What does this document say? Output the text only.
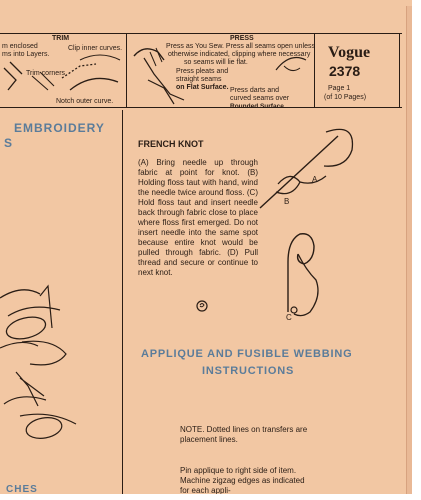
TRIM
m enclosed
ms into Layers.
Clip inner curves.
Trim corners
Notch outer curve.
PRESS
Press as You Sew. Press all seams open unless
otherwise indicated, clipping where necessary
so seams will lie flat.
Press pleats and
straight seams
on Flat Surface. Press darts and
curved seams over
Rounded Surface.
Vogue
2378
Page 1
(of 10 Pages)
EMBROIDERY
S
CHES
FRENCH KNOT
(A) Bring needle up through fabric at point for knot. (B) Holding floss taut with hand, wind the needle twice around floss. (C) Hold floss taut and insert needle back through fabric close to place where floss first emerged. Do not insert needle into the same spot because entire knot would be pulled through fabric. (D) Pull thread and secure or continue to next knot.
A
B
C
APPLIQUE AND FUSIBLE WEBBING
INSTRUCTIONS
NOTE. Dotted lines on transfers are placement lines.
Pin applique to right side of item. Machine zigzag edges as indicated for each appli-
